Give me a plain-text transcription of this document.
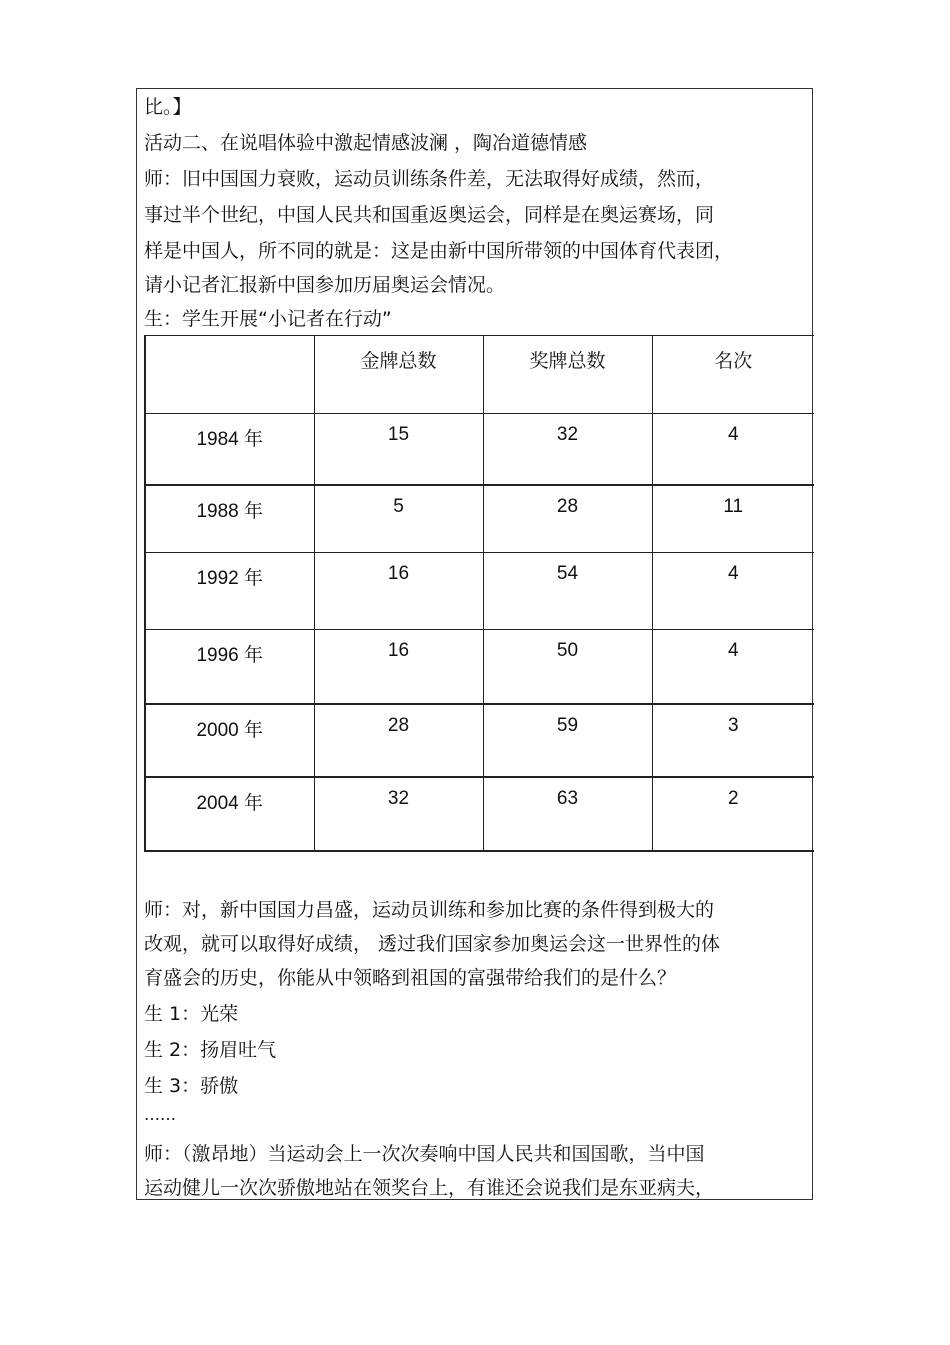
比。】
活动二、在说唱体验中激起情感波澜 ，陶冶道德情感
师：旧中国国力衰败，运动员训练条件差，无法取得好成绩，然而，
事过半个世纪，中国人民共和国重返奥运会，同样是在奥运赛场，同
样是中国人，所不同的就是：这是由新中国所带领的中国体育代表团，
请小记者汇报新中国参加历届奥运会情况。
生：学生开展“小记者在行动”
	金牌总数	奖牌总数	名次
1984 年	15	32	4
1988 年	5	28	11
1992 年	16	54	4
1996 年	16	50	4
2000 年	28	59	3
2004 年	32	63	2
师：对，新中国国力昌盛，运动员训练和参加比赛的条件得到极大的
改观，就可以取得好成绩， 透过我们国家参加奥运会这一世界性的体
育盛会的历史，你能从中领略到祖国的富强带给我们的是什么？
生 1：光荣
生 2：扬眉吐气
生 3：骄傲
……
师：（激昂地）当运动会上一次次奏响中国人民共和国国歌，当中国
运动健儿一次次骄傲地站在领奖台上，有谁还会说我们是东亚病夫，
